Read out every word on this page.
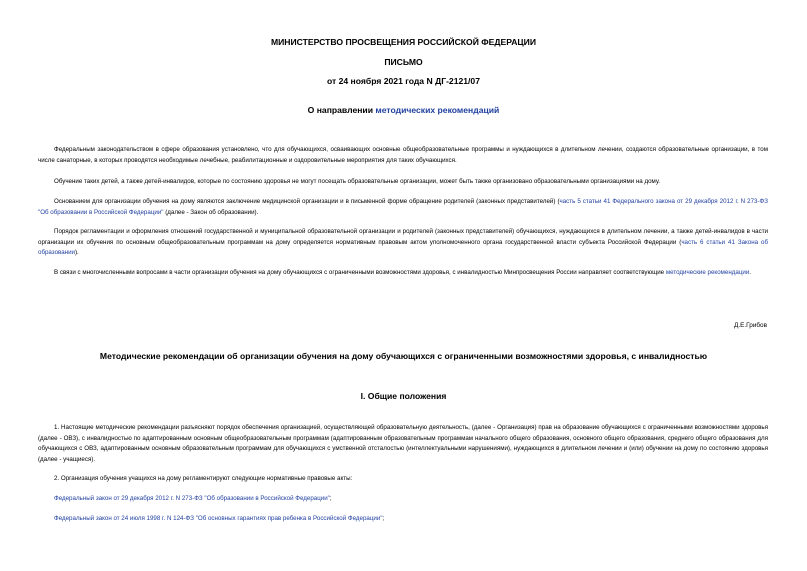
МИНИСТЕРСТВО ПРОСВЕЩЕНИЯ РОССИЙСКОЙ ФЕДЕРАЦИИ
ПИСЬМО
от 24 ноября 2021 года N ДГ-2121/07
О направлении методических рекомендаций
Федеральным законодательством в сфере образования установлено, что для обучающихся, осваивающих основные общеобразовательные программы и нуждающихся в длительном лечении, создаются образовательные организации, в том числе санаторные, в которых проводятся необходимые лечебные, реабилитационные и оздоровительные мероприятия для таких обучающихся.
Обучение таких детей, а также детей-инвалидов, которые по состоянию здоровья не могут посещать образовательные организации, может быть также организовано образовательными организациями на дому.
Основанием для организации обучения на дому являются заключение медицинской организации и в письменной форме обращение родителей (законных представителей) (часть 5 статьи 41 Федерального закона от 29 декабря 2012 г. N 273-ФЗ "Об образовании в Российской Федерации" (далее - Закон об образовании).
Порядок регламентации и оформления отношений государственной и муниципальной образовательной организации и родителей (законных представителей) обучающихся, нуждающихся в длительном лечении, а также детей-инвалидов в части организации их обучения по основным общеобразовательным программам на дому определяется нормативным правовым актом уполномоченного органа государственной власти субъекта Российской Федерации (часть 6 статьи 41 Закона об образовании).
В связи с многочисленными вопросами в части организации обучения на дому обучающихся с ограниченными возможностями здоровья, с инвалидностью Минпросвещения России направляет соответствующие методические рекомендации.
Д.Е.Грибов
Методические рекомендации об организации обучения на дому обучающихся с ограниченными возможностями здоровья, с инвалидностью
I. Общие положения
1. Настоящие методические рекомендации разъясняют порядок обеспечения организацией, осуществляющей образовательную деятельность, (далее - Организация) прав на образование обучающихся с ограниченными возможностями здоровья (далее - ОВЗ), с инвалидностью по адаптированным основным общеобразовательным программам (адаптированным образовательным программам начального общего образования, основного общего образования, среднего общего образования для обучающихся с ОВЗ, адаптированным основным образовательным программам для обучающихся с умственной отсталостью (интеллектуальными нарушениями), нуждающихся в длительном лечении и (или) обучении на дому по состоянию здоровья (далее - учащиеся).
2. Организация обучения учащихся на дому регламентируют следующие нормативные правовые акты:
Федеральный закон от 29 декабря 2012 г. N 273-ФЗ "Об образовании в Российской Федерации";
Федеральный закон от 24 июля 1998 г. N 124-ФЗ "Об основных гарантиях прав ребенка в Российской Федерации";
